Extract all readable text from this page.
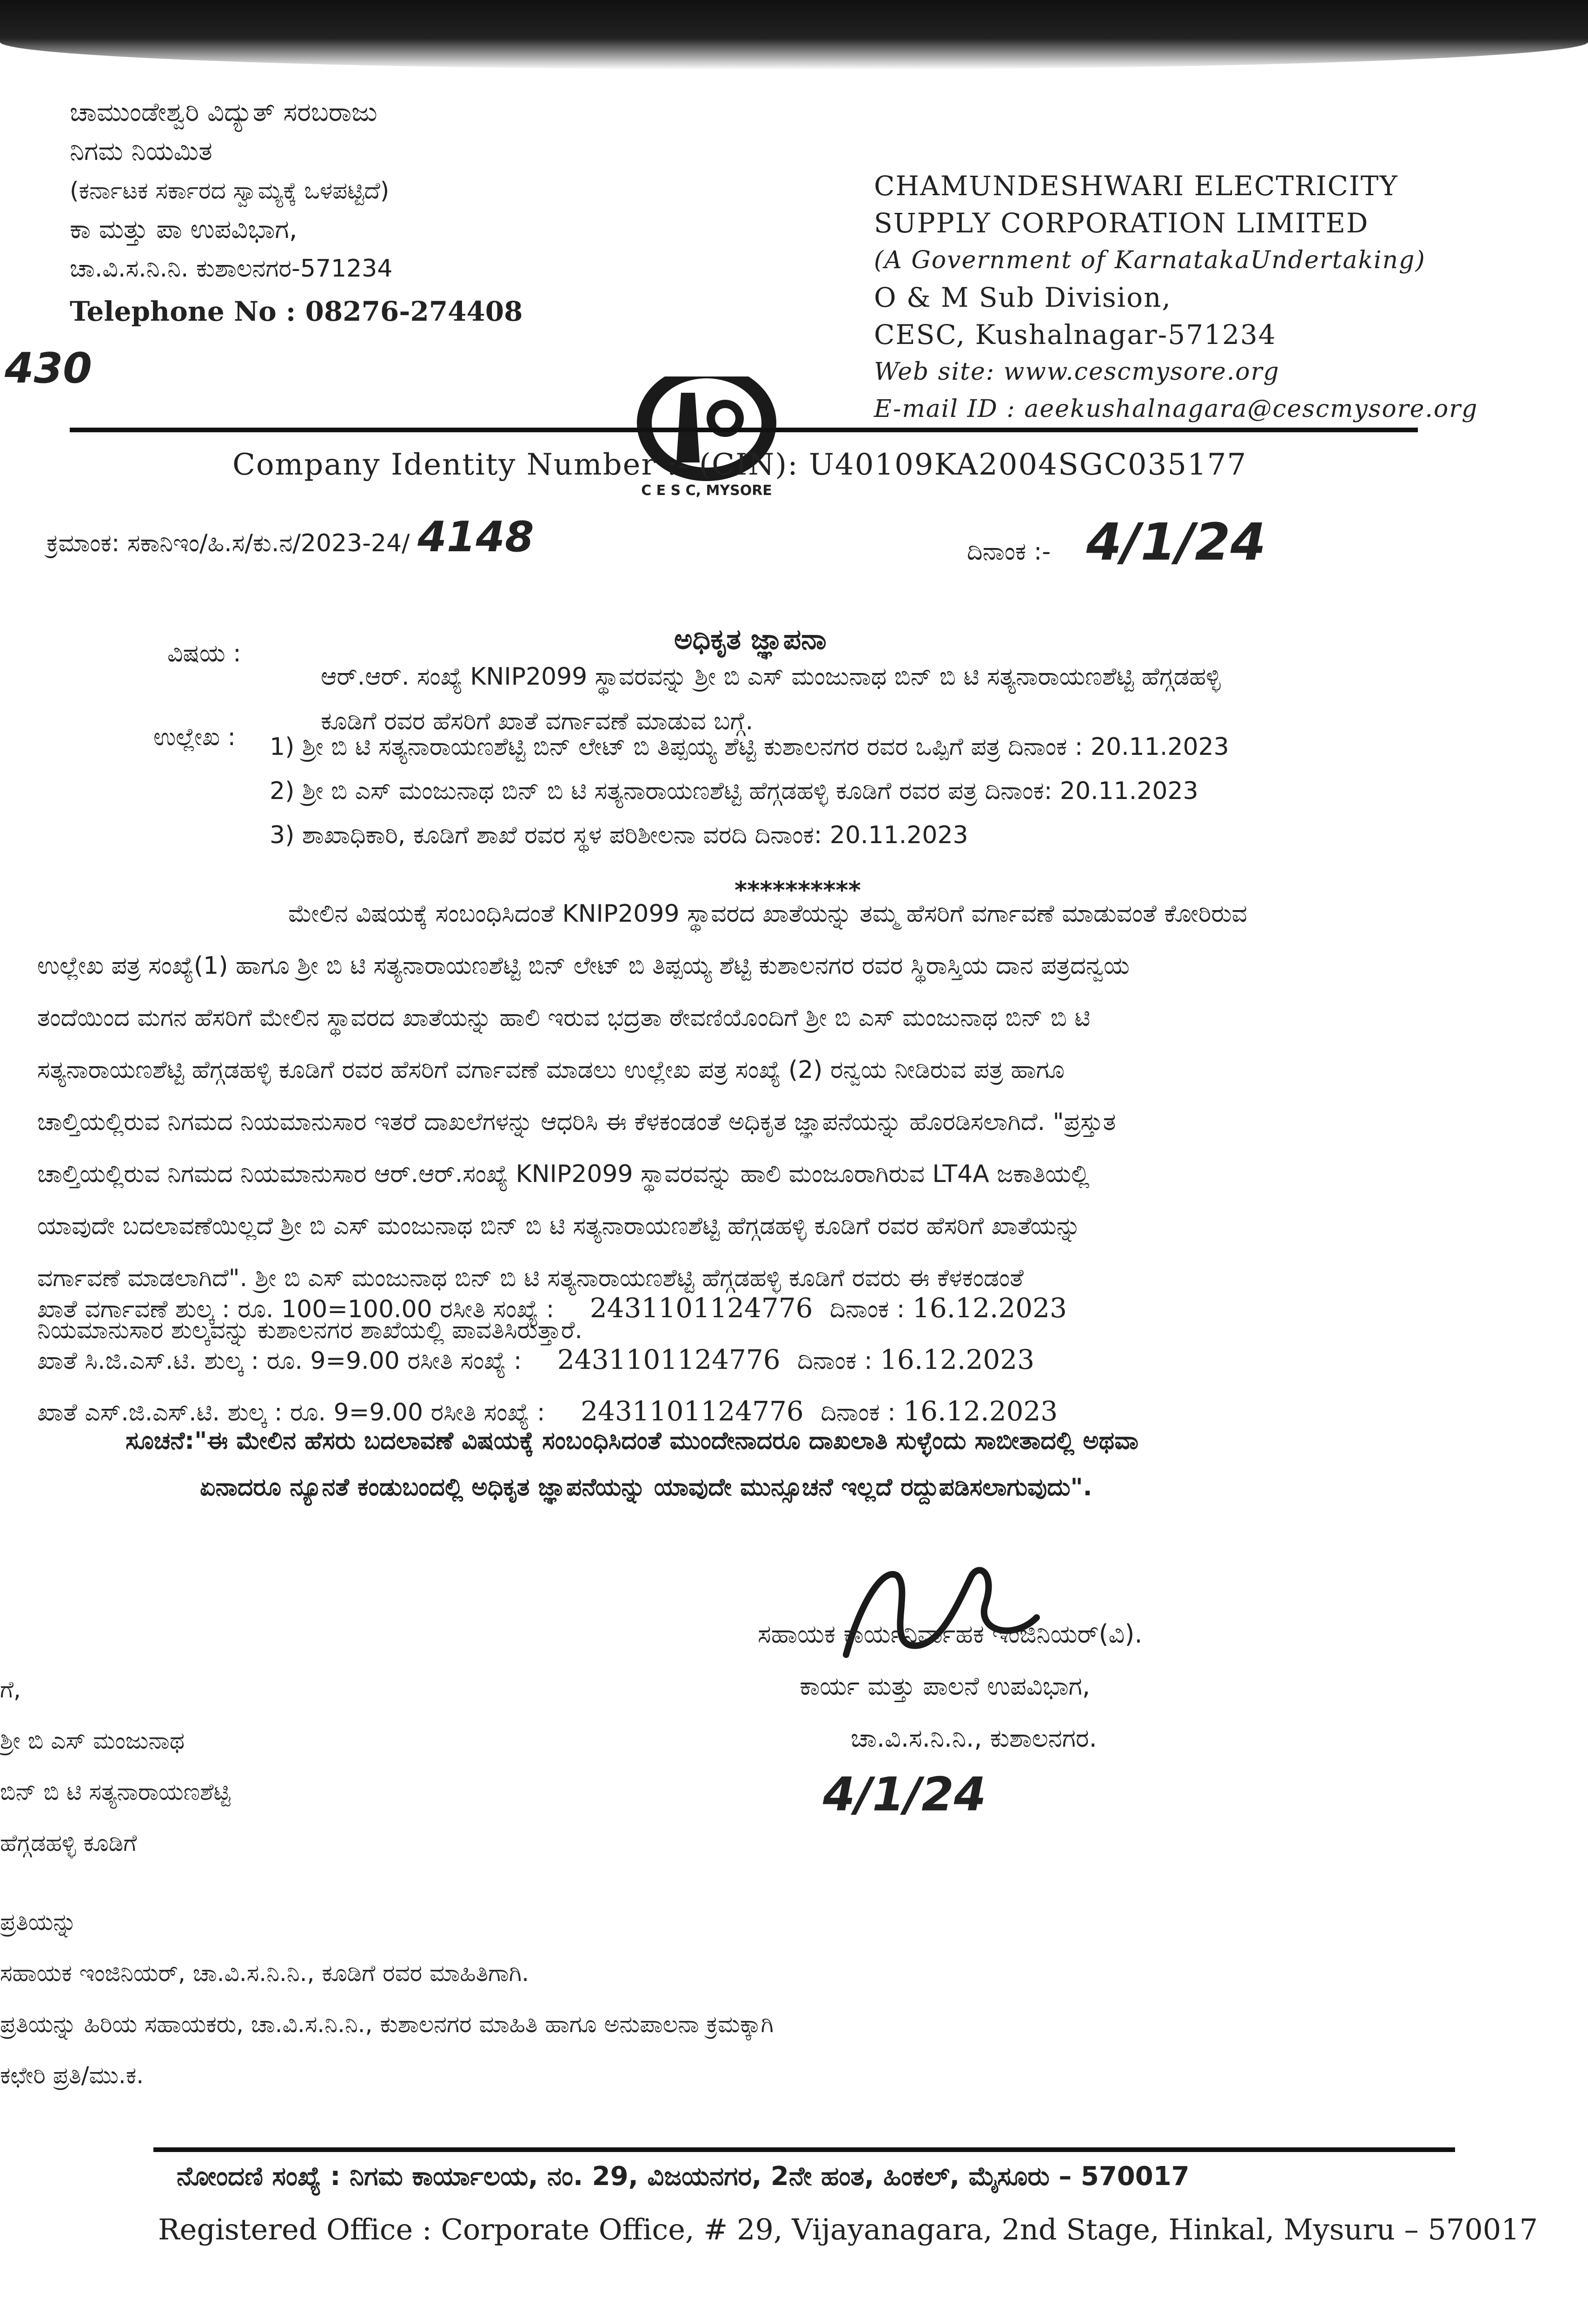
430
ಚಾಮುಂಡೇಶ್ವರಿ ವಿದ್ಯುತ್ ಸರಬರಾಜು
ನಿಗಮ ನಿಯಮಿತ
(ಕರ್ನಾಟಕ ಸರ್ಕಾರದ ಸ್ವಾಮ್ಯಕ್ಕೆ ಒಳಪಟ್ಟಿದೆ)
ಕಾ ಮತ್ತು ಪಾ ಉಪವಿಭಾಗ,
ಚಾ.ವಿ.ಸ.ನಿ.ನಿ. ಕುಶಾಲನಗರ-571234
Telephone No : 08276-274408
C E S C, MYSORE
CHAMUNDESHWARI ELECTRICITY
SUPPLY CORPORATION LIMITED
(A Government of KarnatakaUndertaking)
O & M Sub Division,
CESC, Kushalnagar-571234
Web site: www.cescmysore.org
E-mail ID : aeekushalnagara@cescmysore.org
Company Identity Number :- (CIN): U40109KA2004SGC035177
ಕ್ರಮಾಂಕ: ಸಕಾನಿಇಂ/ಹಿ.ಸ/ಕು.ನ/2023-24/ 4148	ದಿನಾಂಕ :- 4/1/24
ಅಧಿಕೃತ ಜ್ಞಾಪನಾ
ವಿಷಯ :
ಆರ್.ಆರ್. ಸಂಖ್ಯೆ KNIP2099 ಸ್ಥಾವರವನ್ನು ಶ್ರೀ ಬಿ ಎಸ್ ಮಂಜುನಾಥ ಬಿನ್ ಬಿ ಟಿ ಸತ್ಯನಾರಾಯಣಶೆಟ್ಟಿ ಹೆಗ್ಗಡಹಳ್ಳಿ
ಕೂಡಿಗೆ ರವರ ಹೆಸರಿಗೆ ಖಾತೆ ವರ್ಗಾವಣೆ ಮಾಡುವ ಬಗ್ಗೆ.
ಉಲ್ಲೇಖ : 1) ಶ್ರೀ ಬಿ ಟಿ ಸತ್ಯನಾರಾಯಣಶೆಟ್ಟಿ ಬಿನ್ ಲೇಟ್ ಬಿ ತಿಪ್ಪಯ್ಯ ಶೆಟ್ಟಿ ಕುಶಾಲನಗರ ರವರ ಒಪ್ಪಿಗೆ ಪತ್ರ ದಿನಾಂಕ : 20.11.2023
2) ಶ್ರೀ ಬಿ ಎಸ್ ಮಂಜುನಾಥ ಬಿನ್ ಬಿ ಟಿ ಸತ್ಯನಾರಾಯಣಶೆಟ್ಟಿ ಹೆಗ್ಗಡಹಳ್ಳಿ ಕೂಡಿಗೆ ರವರ ಪತ್ರ ದಿನಾಂಕ: 20.11.2023
3) ಶಾಖಾಧಿಕಾರಿ, ಕೂಡಿಗೆ ಶಾಖೆ ರವರ ಸ್ಥಳ ಪರಿಶೀಲನಾ ವರದಿ ದಿನಾಂಕ: 20.11.2023
**********
ಮೇಲಿನ ವಿಷಯಕ್ಕೆ ಸಂಬಂಧಿಸಿದಂತೆ KNIP2099 ಸ್ಥಾವರದ ಖಾತೆಯನ್ನು ತಮ್ಮ ಹೆಸರಿಗೆ ವರ್ಗಾವಣೆ ಮಾಡುವಂತೆ ಕೋರಿರುವ
ಉಲ್ಲೇಖ ಪತ್ರ ಸಂಖ್ಯೆ(1) ಹಾಗೂ ಶ್ರೀ ಬಿ ಟಿ ಸತ್ಯನಾರಾಯಣಶೆಟ್ಟಿ ಬಿನ್ ಲೇಟ್ ಬಿ ತಿಪ್ಪಯ್ಯ ಶೆಟ್ಟಿ ಕುಶಾಲನಗರ ರವರ ಸ್ಥಿರಾಸ್ತಿಯ ದಾನ ಪತ್ರದನ್ವಯ
ತಂದೆಯಿಂದ ಮಗನ ಹೆಸರಿಗೆ ಮೇಲಿನ ಸ್ಥಾವರದ ಖಾತೆಯನ್ನು ಹಾಲಿ ಇರುವ ಭದ್ರತಾ ಠೇವಣಿಯೊಂದಿಗೆ ಶ್ರೀ ಬಿ ಎಸ್ ಮಂಜುನಾಥ ಬಿನ್ ಬಿ ಟಿ
ಸತ್ಯನಾರಾಯಣಶೆಟ್ಟಿ ಹೆಗ್ಗಡಹಳ್ಳಿ ಕೂಡಿಗೆ ರವರ ಹೆಸರಿಗೆ ವರ್ಗಾವಣೆ ಮಾಡಲು ಉಲ್ಲೇಖ ಪತ್ರ ಸಂಖ್ಯೆ (2) ರನ್ವಯ ನೀಡಿರುವ ಪತ್ರ ಹಾಗೂ
ಚಾಲ್ತಿಯಲ್ಲಿರುವ ನಿಗಮದ ನಿಯಮಾನುಸಾರ ಇತರೆ ದಾಖಲೆಗಳನ್ನು ಆಧರಿಸಿ ಈ ಕೆಳಕಂಡಂತೆ ಅಧಿಕೃತ ಜ್ಞಾಪನೆಯನ್ನು ಹೊರಡಿಸಲಾಗಿದೆ. "ಪ್ರಸ್ತುತ
ಚಾಲ್ತಿಯಲ್ಲಿರುವ ನಿಗಮದ ನಿಯಮಾನುಸಾರ ಆರ್.ಆರ್.ಸಂಖ್ಯೆ KNIP2099 ಸ್ಥಾವರವನ್ನು ಹಾಲಿ ಮಂಜೂರಾಗಿರುವ LT4A ಜಕಾತಿಯಲ್ಲಿ
ಯಾವುದೇ ಬದಲಾವಣೆಯಿಲ್ಲದೆ ಶ್ರೀ ಬಿ ಎಸ್ ಮಂಜುನಾಥ ಬಿನ್ ಬಿ ಟಿ ಸತ್ಯನಾರಾಯಣಶೆಟ್ಟಿ ಹೆಗ್ಗಡಹಳ್ಳಿ ಕೂಡಿಗೆ ರವರ ಹೆಸರಿಗೆ ಖಾತೆಯನ್ನು
ವರ್ಗಾವಣೆ ಮಾಡಲಾಗಿದೆ". ಶ್ರೀ ಬಿ ಎಸ್ ಮಂಜುನಾಥ ಬಿನ್ ಬಿ ಟಿ ಸತ್ಯನಾರಾಯಣಶೆಟ್ಟಿ ಹೆಗ್ಗಡಹಳ್ಳಿ ಕೂಡಿಗೆ ರವರು ಈ ಕೆಳಕಂಡಂತೆ
ನಿಯಮಾನುಸಾರ ಶುಲ್ಕವನ್ನು ಕುಶಾಲನಗರ ಶಾಖೆಯಲ್ಲಿ ಪಾವತಿಸಿರುತ್ತಾರೆ.
ಖಾತೆ ವರ್ಗಾವಣೆ ಶುಲ್ಕ : ರೂ. 100=100.00 ರಸೀತಿ ಸಂಖ್ಯೆ : 2431101124776 ದಿನಾಂಕ : 16.12.2023
ಖಾತೆ ಸಿ.ಜಿ.ಎಸ್.ಟಿ. ಶುಲ್ಕ : ರೂ. 9=9.00 ರಸೀತಿ ಸಂಖ್ಯೆ : 2431101124776 ದಿನಾಂಕ : 16.12.2023
ಖಾತೆ ಎಸ್.ಜಿ.ಎಸ್.ಟಿ. ಶುಲ್ಕ : ರೂ. 9=9.00 ರಸೀತಿ ಸಂಖ್ಯೆ : 2431101124776 ದಿನಾಂಕ : 16.12.2023
ಸೂಚನೆ:"ಈ ಮೇಲಿನ ಹೆಸರು ಬದಲಾವಣೆ ವಿಷಯಕ್ಕೆ ಸಂಬಂಧಿಸಿದಂತೆ ಮುಂದೇನಾದರೂ ದಾಖಲಾತಿ ಸುಳ್ಳೆಂದು ಸಾಬೀತಾದಲ್ಲಿ ಅಥವಾ
ಏನಾದರೂ ನ್ಯೂನತೆ ಕಂಡುಬಂದಲ್ಲಿ ಅಧಿಕೃತ ಜ್ಞಾಪನೆಯನ್ನು ಯಾವುದೇ ಮುನ್ಸೂಚನೆ ಇಲ್ಲದೆ ರದ್ದುಪಡಿಸಲಾಗುವುದು".
ಸಹಾಯಕ ಕಾರ್ಯನಿರ್ವಾಹಕ ಇಂಜಿನಿಯರ್(ವಿ).
ಕಾರ್ಯ ಮತ್ತು ಪಾಲನೆ ಉಪವಿಭಾಗ,
ಚಾ.ವಿ.ಸ.ನಿ.ನಿ., ಕುಶಾಲನಗರ.
4/1/24
ಗೆ,
ಶ್ರೀ ಬಿ ಎಸ್ ಮಂಜುನಾಥ
ಬಿನ್ ಬಿ ಟಿ ಸತ್ಯನಾರಾಯಣಶೆಟ್ಟಿ
ಹೆಗ್ಗಡಹಳ್ಳಿ ಕೂಡಿಗೆ
ಪ್ರತಿಯನ್ನು
ಸಹಾಯಕ ಇಂಜಿನಿಯರ್, ಚಾ.ವಿ.ಸ.ನಿ.ನಿ., ಕೂಡಿಗೆ ರವರ ಮಾಹಿತಿಗಾಗಿ.
ಪ್ರತಿಯನ್ನು ಹಿರಿಯ ಸಹಾಯಕರು, ಚಾ.ವಿ.ಸ.ನಿ.ನಿ., ಕುಶಾಲನಗರ ಮಾಹಿತಿ ಹಾಗೂ ಅನುಪಾಲನಾ ಕ್ರಮಕ್ಕಾಗಿ
ಕಛೇರಿ ಪ್ರತಿ/ಮು.ಕ.
ನೋಂದಣಿ ಸಂಖ್ಯೆ : ನಿಗಮ ಕಾರ್ಯಾಲಯ, ನಂ. 29, ವಿಜಯನಗರ, 2ನೇ ಹಂತ, ಹಿಂಕಲ್, ಮೈಸೂರು – 570017
Registered Office : Corporate Office, # 29, Vijayanagara, 2nd Stage, Hinkal, Mysuru – 570017
